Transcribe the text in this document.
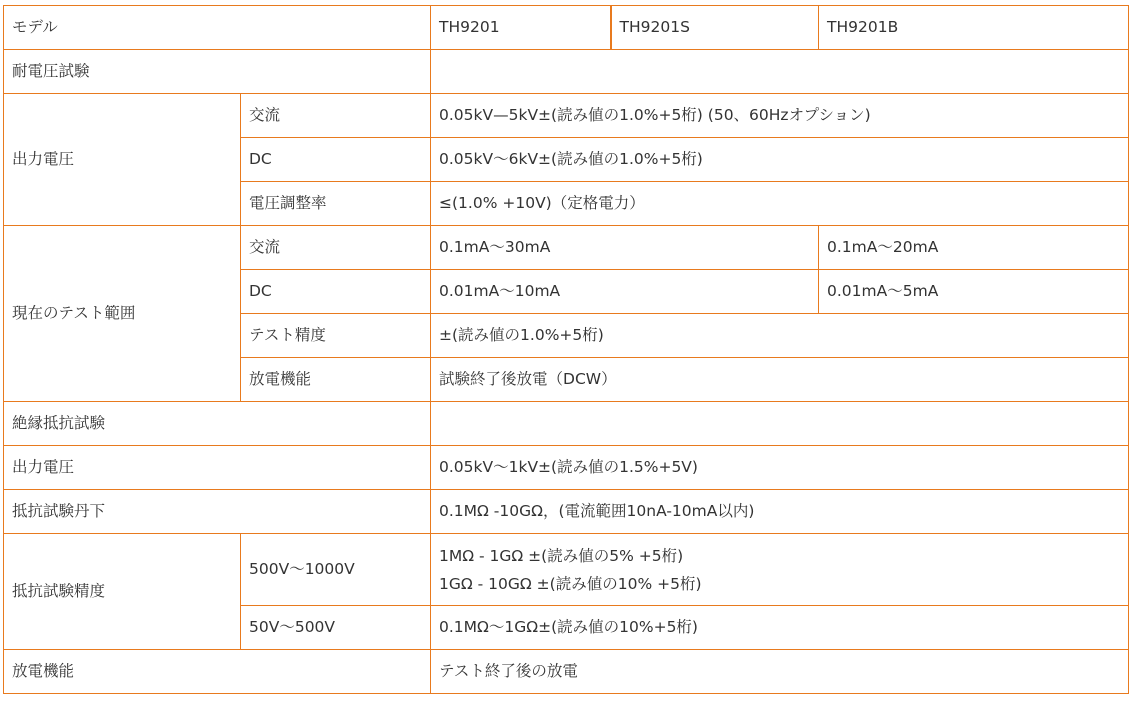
モデル		TH9201	TH9201S	TH9201B
耐電圧試験				
出力電圧	交流	0.05kV—5kV±(読み値の1.0%+5桁) (50、60Hzオプション)		
	DC	0.05kV～6kV±(読み値の1.0%+5桁)		
	電圧調整率	≤(1.0% +10V)（定格電力）		
現在のテスト範囲	交流	0.1mA～30mA		0.1mA～20mA
	DC	0.01mA～10mA		0.01mA～5mA
	テスト精度	±(読み値の1.0%+5桁)		
	放電機能	試験終了後放電（DCW）		
絶縁抵抗試験				
出力電圧		0.05kV～1kV±(読み値の1.5%+5V)		
抵抗試験丹下		0.1MΩ -10GΩ，(電流範囲10nA-10mA以内)		
抵抗試験精度	500V～1000V	1MΩ - 1GΩ ±(読み値の5% +5桁)
1GΩ - 10GΩ ±(読み値の10% +5桁)		

	50V～500V	0.1MΩ～1GΩ±(読み値の10%+5桁)		
放電機能		テスト終了後の放電		
